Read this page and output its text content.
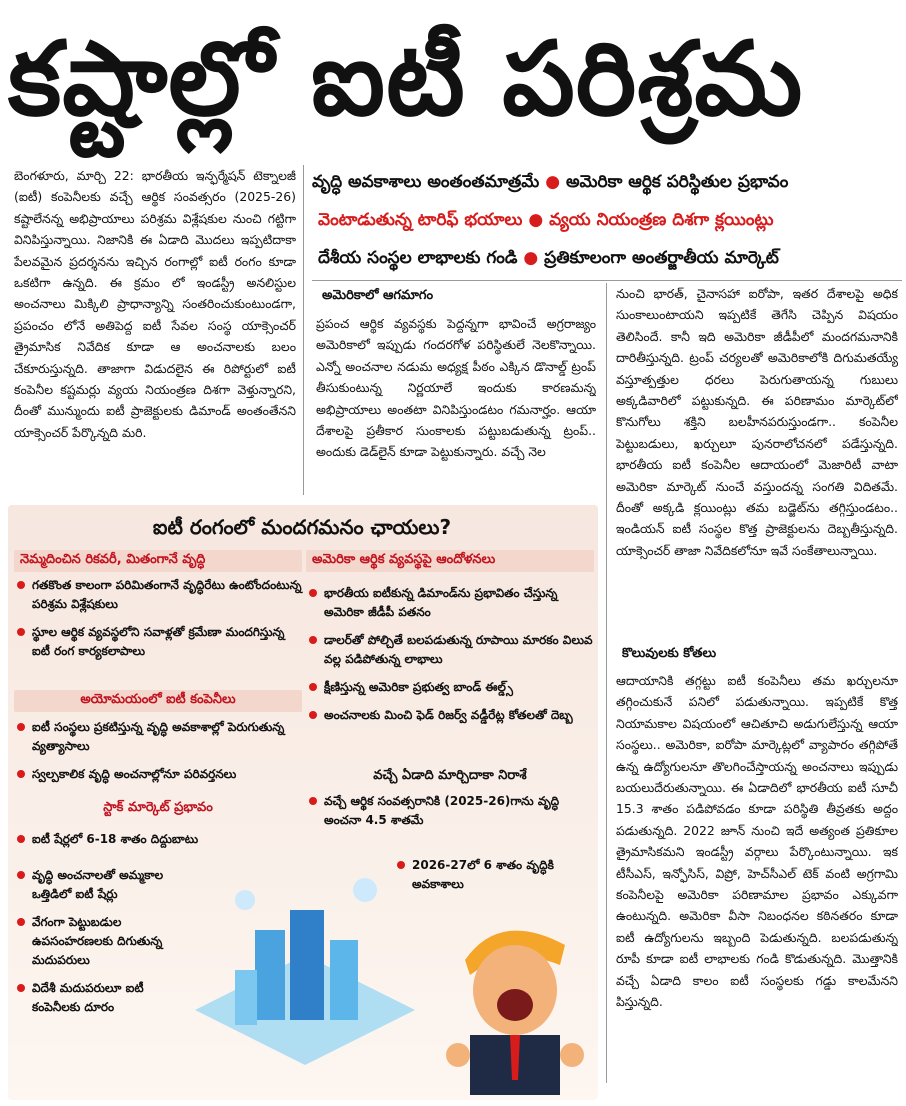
కష్టాల్లో ఐటీ పరిశ్రమ
వృద్ధి అవకాశాలు అంతంతమాత్రమే ● అమెరికా ఆర్థిక పరిస్థితుల ప్రభావం
వెంటాడుతున్న టారిఫ్ భయాలు ● వ్యయ నియంత్రణ దిశగా క్లయింట్లు
దేశీయ సంస్థల లాభాలకు గండి ● ప్రతికూలంగా అంతర్జాతీయ మార్కెట్
బెంగళూరు, మార్చి 22: భారతీయ ఇన్ఫర్మేషన్ టెక్నాలజీ (ఐటీ) కంపెనీలకు వచ్చే ఆర్థిక సంవత్సరం (2025-26) కష్టాలేనన్న అభిప్రాయాలు పరిశ్రమ విశ్లేషకుల నుంచి గట్టిగా వినిపిస్తున్నాయి. నిజానికి ఈ ఏడాది మొదలు ఇప్పటిదాకా పేలవమైన ప్రదర్శనను ఇచ్చిన రంగాల్లో ఐటీ రంగం కూడా ఒకటిగా ఉన్నది. ఈ క్రమం లో ఇండస్ట్రీ అనలిస్టుల అంచనాలు మిక్కిలి ప్రాధాన్యాన్ని సంతరించుకుంటుండగా, ప్రపంచం లోనే అతిపెద్ద ఐటీ సేవల సంస్థ యాక్సెంచర్ త్రైమాసిక నివేదిక కూడా ఆ అంచనాలకు బలం చేకూరుస్తున్నది. తాజాగా విడుదలైన ఈ రిపోర్టులో ఐటీ కంపెనీల కష్టమర్లు వ్యయ నియంత్రణ దిశగా వెళ్తున్నారని, దీంతో మున్ముందు ఐటీ ప్రాజెక్టులకు డిమాండ్ అంతంతేనని యాక్సెంచర్ పేర్కొన్నది మరి.
అమెరికాలో ఆగమాగం
ప్రపంచ ఆర్థిక వ్యవస్థకు పెద్దన్నగా భావించే అగ్రరాజ్యం అమెరికాలో ఇప్పుడు గందరగోళ పరిస్థితులే నెలకొన్నాయి. ఎన్నో అంచనాల నడుమ అధ్యక్ష పీఠం ఎక్కిన డొనాల్డ్ ట్రంప్ తీసుకుంటున్న నిర్ణయాలే ఇందుకు కారణమన్న అభిప్రాయాలు అంతటా వినిపిస్తుండటం గమనార్హం. ఆయా దేశాలపై ప్రతీకార సుంకాలకు పట్టుబడుతున్న ట్రంప్.. అందుకు డెడ్‌లైన్ కూడా పెట్టుకున్నారు. వచ్చే నెల
నుంచి భారత్, చైనాసహా ఐరోపా, ఇతర దేశాలపై అధిక సుంకాలుంటాయని ఇప్పటికే తెగేసి చెప్పిన విషయం తెలిసిందే. కానీ ఇది అమెరికా జీడీపీలో మందగమనానికి దారితీస్తున్నది. ట్రంప్ చర్యలతో అమెరికాలోకి దిగుమతయ్యే వస్తూత్పత్తుల ధరలు పెరుగుతాయన్న గుబులు అక్కడివారిలో పట్టుకున్నది. ఈ పరిణామం మార్కెట్‌లో కొనుగోలు శక్తిని బలహీనపరుస్తుండగా.. కంపెనీల పెట్టుబడులు, ఖర్చులూ పునరాలోచనలో పడేస్తున్నది. భారతీయ ఐటీ కంపెనీల ఆదాయంలో మెజారిటీ వాటా అమెరికా మార్కెట్ నుంచే వస్తుందన్న సంగతి విదితమే. దీంతో అక్కడి క్లయింట్లు తమ బడ్జెట్‌ను తగ్గిస్తుండటం.. ఇండియన్ ఐటీ సంస్థల కొత్త ప్రాజెక్టులను దెబ్బతీస్తున్నది. యాక్సెంచర్ తాజా నివేదికలోనూ ఇవే సంకేతాలున్నాయి.
కొలువులకు కోతలు
ఆదాయానికి తగ్గట్టు ఐటీ కంపెనీలు తమ ఖర్చులనూ తగ్గించుకునే పనిలో పడుతున్నాయి. ఇప్పటికే కొత్త నియామకాల విషయంలో ఆచితూచి అడుగులేస్తున్న ఆయా సంస్థలు.. అమెరికా, ఐరోపా మార్కెట్లలో వ్యాపారం తగ్గిపోతే ఉన్న ఉద్యోగులనూ తొలగించేస్తాయన్న అంచనాలు ఇప్పుడు బయలుదేరుతున్నాయి. ఈ ఏడాదిలో భారతీయ ఐటీ సూచీ 15.3 శాతం పడిపోవడం కూడా పరిస్థితి తీవ్రతకు అద్దం పడుతున్నది. 2022 జూన్ నుంచి ఇదే అత్యంత ప్రతికూల త్రైమాసికమని ఇండస్ట్రీ వర్గాలు పేర్కొంటున్నాయి. ఇక టీసీఎస్, ఇన్ఫోసిస్, విప్రో, హెచ్‌సీఎల్ టెక్ వంటి అగ్రగామి కంపెనీలపై అమెరికా పరిణామాల ప్రభావం ఎక్కువగా ఉంటున్నది. అమెరికా వీసా నిబంధనల కఠినతరం కూడా ఐటీ ఉద్యోగులను ఇబ్బంది పెడుతున్నది. బలపడుతున్న రూపీ కూడా ఐటీ లాభాలకు గండి కొడుతున్నది. మొత్తానికి వచ్చే ఏడాది కాలం ఐటీ సంస్థలకు గడ్డు కాలమేనని పిస్తున్నది.
ఐటీ రంగంలో మందగమనం ఛాయలు?
నెమ్మదించిన రికవరీ, మితంగానే వృద్ధి
గతకొంత కాలంగా పరిమితంగానే వృద్ధిరేటు ఉంటోందంటున్న పరిశ్రమ విశ్లేషకులు
స్థూల ఆర్థిక వ్యవస్థలోని సవాళ్లతో క్రమేణా మందగిస్తున్న ఐటీ రంగ కార్యకలాపాలు
అమెరికా ఆర్థిక వ్యవస్థపై ఆందోళనలు
భారతీయ ఐటీకున్న డిమాండ్‌ను ప్రభావితం చేస్తున్న అమెరికా జీడీపీ పతనం
డాలర్‌తో పోల్చితే బలపడుతున్న రూపాయి మారకం విలువ వల్ల పడిపోతున్న లాభాలు
క్షీణిస్తున్న అమెరికా ప్రభుత్వ బాండ్ ఈల్డ్స్
అంచనాలకు మించి ఫెడ్ రిజర్వ్ వడ్డీరేట్ల కోతలతో దెబ్బ
అయోమయంలో ఐటీ కంపెనీలు
ఐటీ సంస్థలు ప్రకటిస్తున్న వృద్ధి అవకాశాల్లో పెరుగుతున్న వ్యత్యాసాలు
స్వల్పకాలిక వృద్ధి అంచనాల్లోనూ పరివర్తనలు	వచ్చే ఏడాది మార్చిదాకా నిరాశే
వచ్చే ఆర్థిక సంవత్సరానికి (2025-26)గాను వృద్ధి అంచనా 4.5 శాతమే
స్టాక్ మార్కెట్ ప్రభావం
ఐటీ షేర్లలో 6-18 శాతం దిద్దుబాటు
వృద్ధి అంచనాలతో అమ్మకాల ఒత్తిడిలో ఐటీ షేర్లు
వేగంగా పెట్టుబడుల ఉపసంహరణలకు దిగుతున్న మదుపరులు
విదేశీ మదుపరులూ ఐటీ కంపెనీలకు దూరం
2026-27లో 6 శాతం వృద్ధికి అవకాశాలు
